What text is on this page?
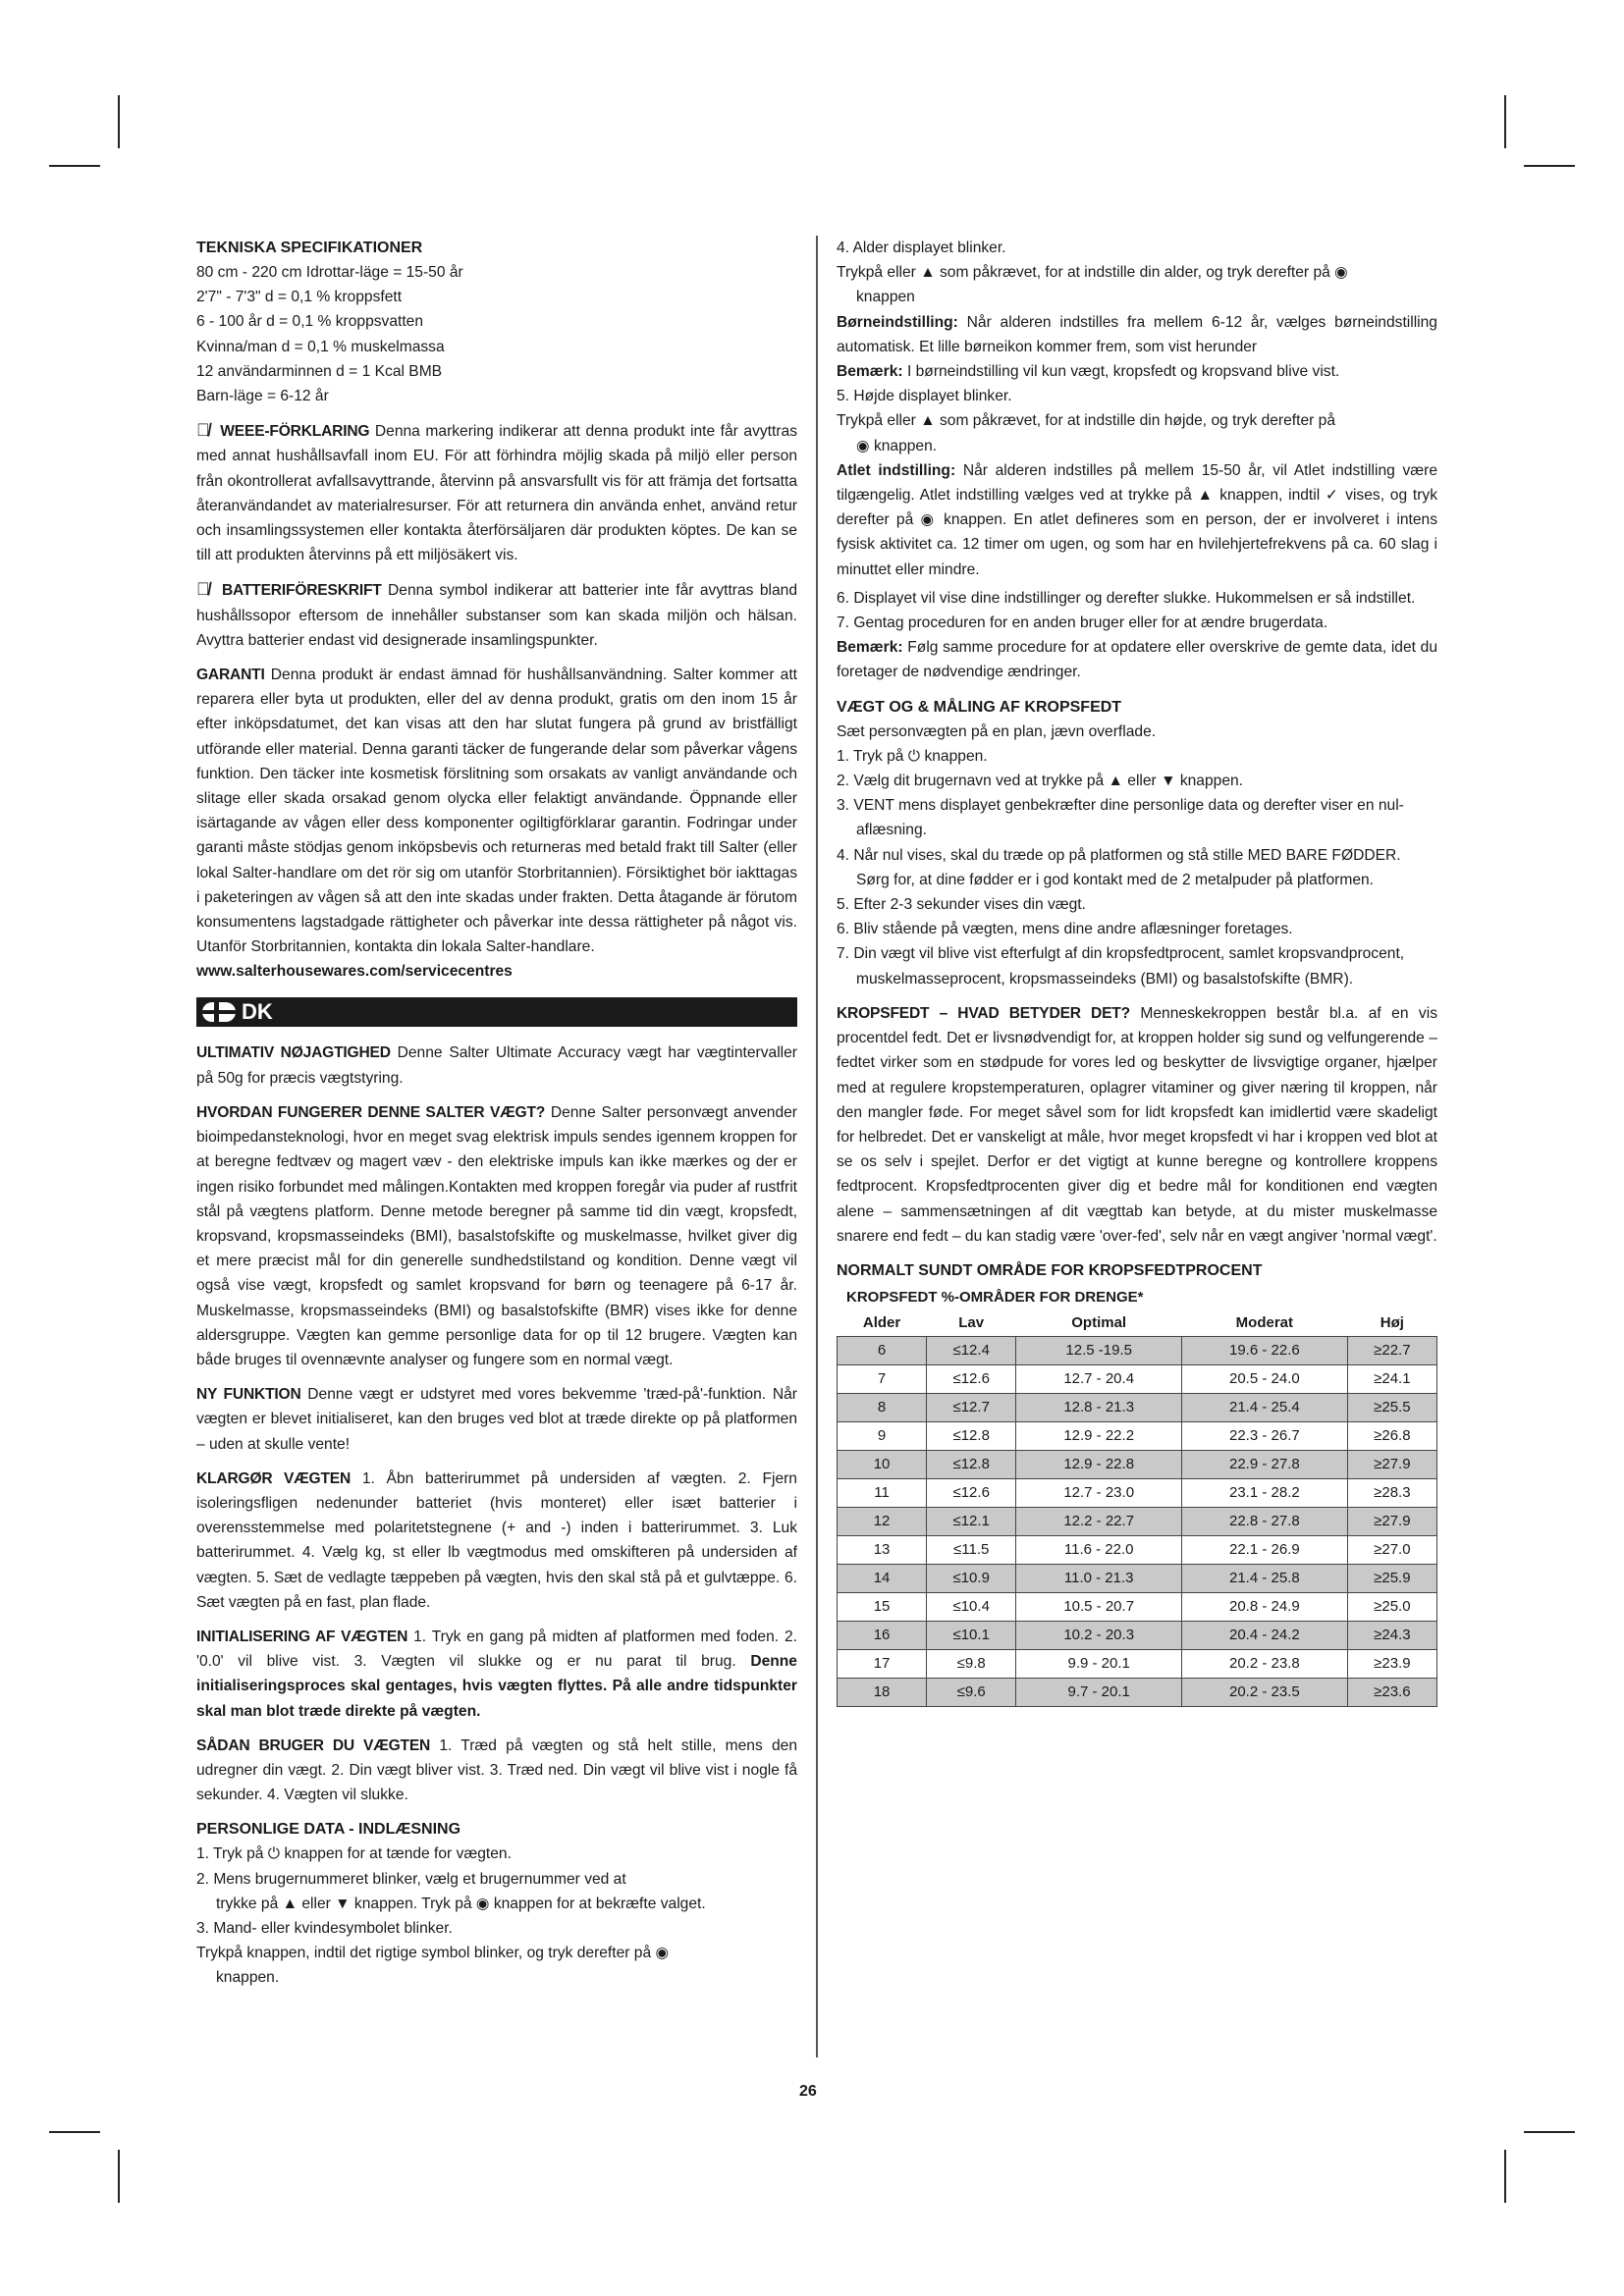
TEKNISKA SPECIFIKATIONER
80 cm - 220 cm Idrottar-läge = 15-50 år
2'7" - 7'3" d = 0,1 % kroppsfett
6 - 100 år d = 0,1 % kroppsvatten
Kvinna/man d = 0,1 % muskelmassa
12 användarminnen d = 1 Kcal BMB
Barn-läge = 6-12 år

🗑̸ WEEE-FÖRKLARING Denna markering indikerar att denna produkt inte får avyttras med annat hushållsavfall inom EU. För att förhindra möjlig skada på miljö eller person från okontrollerat avfallsavyttrande, återvinn på ansvarsfullt vis för att främja det fortsatta återanvändandet av materialresurser. För att returnera din använda enhet, använd retur och insamlingssystemen eller kontakta återförsäljaren där produkten köptes. De kan se till att produkten återvinns på ett miljösäkert vis.

🗑̸ BATTERIFÖRESKRIFT Denna symbol indikerar att batterier inte får avyttras bland hushållssopor eftersom de innehåller substanser som kan skada miljön och hälsan. Avyttra batterier endast vid designerade insamlingspunkter.

GARANTI Denna produkt är endast ämnad för hushållsanvändning. Salter kommer att reparera eller byta ut produkten, eller del av denna produkt, gratis om den inom 15 år efter inköpsdatumet, det kan visas att den har slutat fungera på grund av bristfälligt utförande eller material. Denna garanti täcker de fungerande delar som påverkar vågens funktion. Den täcker inte kosmetisk förslitning som orsakats av vanligt användande och slitage eller skada orsakad genom olycka eller felaktigt användande. Öppnande eller isärtagande av vågen eller dess komponenter ogiltigförklarar garantin. Fodringar under garanti måste stödjas genom inköpsbevis och returneras med betald frakt till Salter (eller lokal Salter-handlare om det rör sig om utanför Storbritannien). Försiktighet bör iakttagas i paketeringen av vågen så att den inte skadas under frakten. Detta åtagande är förutom konsumentens lagstadgade rättigheter och påverkar inte dessa rättigheter på något vis. Utanför Storbritannien, kontakta din lokala Salter-handlare.

www.salterhousewares.com/servicecentres
DK

ULTIMATIV NØJAGTIGHED Denne Salter Ultimate Accuracy vægt har vægtintervaller på 50g for præcis vægtstyring.

HVORDAN FUNGERER DENNE SALTER VÆGT? Denne Salter personvægt anvender bioimpedansteknologi, hvor en meget svag elektrisk impuls sendes igennem kroppen for at beregne fedtvæv og magert væv - den elektriske impuls kan ikke mærkes og der er ingen risiko forbundet med målingen.Kontakten med kroppen foregår via puder af rustfrit stål på vægtens platform. Denne metode beregner på samme tid din vægt, kropsfedt, kropsvand, kropsmasseindeks (BMI), basalstofskifte og muskelmasse, hvilket giver dig et mere præcist mål for din generelle sundhedstilstand og kondition. Denne vægt vil også vise vægt, kropsfedt og samlet kropsvand for børn og teenagere på 6-17 år. Muskelmasse, kropsmasseindeks (BMI) og basalstofskifte (BMR) vises ikke for denne aldersgruppe. Vægten kan gemme personlige data for op til 12 brugere. Vægten kan både bruges til ovennævnte analyser og fungere som en normal vægt.

NY FUNKTION Denne vægt er udstyret med vores bekvemme 'træd-på'-funktion. Når vægten er blevet initialiseret, kan den bruges ved blot at træde direkte op på platformen – uden at skulle vente!

KLARGØR VÆGTEN 1. Åbn batterirummet på undersiden af vægten. 2. Fjern isoleringsfligen nedenunder batteriet (hvis monteret) eller isæt batterier i overensstemmelse med polaritetstegnene (+ and -) inden i batterirummet. 3. Luk batterirummet. 4. Vælg kg, st eller lb vægtmodus med omskifteren på undersiden af vægten. 5. Sæt de vedlagte tæppeben på vægten, hvis den skal stå på et gulvtæppe. 6. Sæt vægten på en fast, plan flade.

INITIALISERING AF VÆGTEN 1. Tryk en gang på midten af platformen med foden. 2. '0.0' vil blive vist. 3. Vægten vil slukke og er nu parat til brug. Denne initialiseringsproces skal gentages, hvis vægten flyttes. På alle andre tidspunkter skal man blot træde direkte på vægten.

SÅDAN BRUGER DU VÆGTEN 1. Træd på vægten og stå helt stille, mens den udregner din vægt. 2. Din vægt bliver vist. 3. Træd ned. Din vægt vil blive vist i nogle få sekunder. 4. Vægten vil slukke.

PERSONLIGE DATA - INDLÆSNING
1. Tryk på ⏻ knappen for at tænde for vægten.
2. Mens brugernummeret blinker, vælg et brugernummer ved at
trykke på ▲ eller ▼ knappen. Tryk på ◉ knappen for at bekræfte valget.
3. Mand- eller kvindesymbolet blinker.
Trykpå knappen, indtil det rigtige symbol blinker, og tryk derefter på ◉
knappen.
4. Alder displayet blinker.
Trykpå eller ▲ som påkrævet, for at indstille din alder, og tryk derefter på ◉
knappen

Børneindstilling: Når alderen indstilles fra mellem 6-12 år, vælges børneindstilling automatisk. Et lille børneikon kommer frem, som vist herunder

Bemærk: I børneindstilling vil kun vægt, kropsfedt og kropsvand blive vist.

5. Højde displayet blinker.
Trykpå eller ▲ som påkrævet, for at indstille din højde, og tryk derefter på
◉ knappen.

Atlet indstilling: Når alderen indstilles på mellem 15-50 år, vil Atlet indstilling være tilgængelig. Atlet indstilling vælges ved at trykke på ▲ knappen, indtil ✓ vises, og tryk derefter på ◉ knappen. En atlet defineres som en person, der er involveret i intens fysisk aktivitet ca. 12 timer om ugen, og som har en hvilehjertefrekvens på ca. 60 slag i minuttet eller mindre.

6. Displayet vil vise dine indstillinger og derefter slukke. Hukommelsen er så indstillet.
7. Gentag proceduren for en anden bruger eller for at ændre brugerdata.

Bemærk: Følg samme procedure for at opdatere eller overskrive de gemte data, idet du foretager de nødvendige ændringer.

VÆGT OG & MÅLING AF KROPSFEDT
Sæt personvægten på en plan, jævn overflade.
1. Tryk på ⏻ knappen.
2. Vælg dit brugernavn ved at trykke på ▲ eller ▼ knappen.
3. VENT mens displayet genbekræfter dine personlige data og derefter viser en nul-aflæsning.
4. Når nul vises, skal du træde op på platformen og stå stille MED BARE FØDDER. Sørg for, at dine fødder er i god kontakt med de 2 metalpuder på platformen.
5. Efter 2-3 sekunder vises din vægt.
6. Bliv stående på vægten, mens dine andre aflæsninger foretages.
7. Din vægt vil blive vist efterfulgt af din kropsfedtprocent, samlet kropsvandprocent, muskelmasseprocent, kropsmasseindeks (BMI) og basalstofskifte (BMR).

KROPSFEDT – HVAD BETYDER DET? Menneskekroppen består bl.a. af en vis procentdel fedt. Det er livsnødvendigt for, at kroppen holder sig sund og velfungerende – fedtet virker som en stødpude for vores led og beskytter de livsvigtige organer, hjælper med at regulere kropstemperaturen, oplagrer vitaminer og giver næring til kroppen, når den mangler føde. For meget såvel som for lidt kropsfedt kan imidlertid være skadeligt for helbredet. Det er vanskeligt at måle, hvor meget kropsfedt vi har i kroppen ved blot at se os selv i spejlet. Derfor er det vigtigt at kunne beregne og kontrollere kroppens fedtprocent. Kropsfedtprocenten giver dig et bedre mål for konditionen end vægten alene – sammensætningen af dit vægttab kan betyde, at du mister muskelmasse snarere end fedt – du kan stadig være 'over-fed', selv når en vægt angiver 'normal vægt'.

NORMALT SUNDT OMRÅDE FOR KROPSFEDTPROCENT
KROPSFEDT %-OMRÅDER FOR DRENGE*
Alder	Lav	Optimal	Moderat	Høj
6	≤12.4	12.5 -19.5	19.6 - 22.6	≥22.7
7	≤12.6	12.7 - 20.4	20.5 - 24.0	≥24.1
8	≤12.7	12.8 - 21.3	21.4 - 25.4	≥25.5
9	≤12.8	12.9 - 22.2	22.3 - 26.7	≥26.8
10	≤12.8	12.9 - 22.8	22.9 - 27.8	≥27.9
11	≤12.6	12.7 - 23.0	23.1 - 28.2	≥28.3
12	≤12.1	12.2 - 22.7	22.8 - 27.8	≥27.9
13	≤11.5	11.6 - 22.0	22.1 - 26.9	≥27.0
14	≤10.9	11.0 - 21.3	21.4 - 25.8	≥25.9
15	≤10.4	10.5 - 20.7	20.8 - 24.9	≥25.0
16	≤10.1	10.2 - 20.3	20.4 - 24.2	≥24.3
17	≤9.8	9.9 - 20.1	20.2 - 23.8	≥23.9
18	≤9.6	9.7 - 20.1	20.2 - 23.5	≥23.6
26
